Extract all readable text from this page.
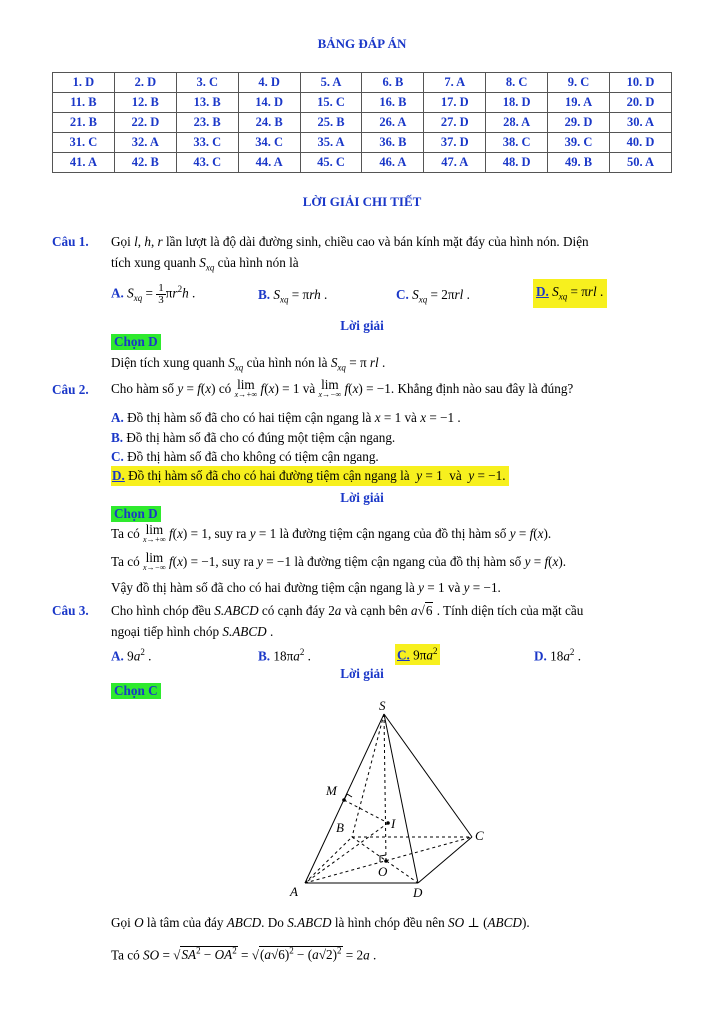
BẢNG ĐÁP ÁN
1. D	2. D	3. C	4. D	5. A	6. B	7. A	8. C	9. C	10. D
11. B	12. B	13. B	14. D	15. C	16. B	17. D	18. D	19. A	20. D
21. B	22. D	23. B	24. B	25. B	26. A	27. D	28. A	29. D	30. A
31. C	32. A	33. C	34. C	35. A	36. B	37. D	38. C	39. C	40. D
41. A	42. B	43. C	44. A	45. C	46. A	47. A	48. D	49. B	50. A
LỜI GIẢI CHI TIẾT
Câu 1. Gọi l, h, r lần lượt là độ dài đường sinh, chiều cao và bán kính mặt đáy của hình nón. Diện
tích xung quanh $S_{xq}$ của hình nón là
A. $S_{xq} = \frac{1}{3} \pi r^2h$ .	B. $S_{xq} = \pi rh$ .	C. $S_{xq} = 2\pi rl$ .	D. $S_{xq} = \pi rl$ .
Lời giải
Chọn D
Diện tích xung quanh $S_{xq}$ của hình nón là $S_{xq} = \pi$ rl .
Câu 2. Cho hàm số y = f(x) có lim
x→+∞ f(x) = 1 và lim
x→−∞ f(x) = −1. Khẳng định nào sau đây là đúng?
A. Đồ thị hàm số đã cho có hai tiệm cận ngang là x = 1 và x = −1 .
B. Đồ thị hàm số đã cho có đúng một tiệm cận ngang.
C. Đồ thị hàm số đã cho không có tiệm cận ngang.
D. Đồ thị hàm số đã cho có hai đường tiệm cận ngang là  y = 1  và  y = −1.
Lời giải
Chọn D
Ta có lim
x→+∞ f(x) = 1, suy ra y = 1 là đường tiệm cận ngang của đồ thị hàm số y = f(x).
Ta có lim
x→−∞ f(x) = −1, suy ra y = −1 là đường tiệm cận ngang của đồ thị hàm số y = f(x).
Vậy đồ thị hàm số đã cho có hai đường tiệm cận ngang là y = 1 và y = −1.
Câu 3. Cho hình chóp đều S.ABCD có cạnh đáy 2a và cạnh bên a√6 . Tính diện tích của mặt cầu
ngoại tiếp hình chóp S.ABCD .
A. $9a^2$ .	B. $18\pi a^2$ .	C. $9\pi a^2$	D. $18a^2$ .
Lời giải
Chọn C
S
M
B	I
C
O
A	D
Gọi O là tâm của đáy ABCD. Do S.ABCD là hình chóp đều nên SO ⊥ (ABCD).
Ta có SO = $√SA^2 - OA^2 = √(a√6)^2 - (a√2)^2 = 2a$ .
